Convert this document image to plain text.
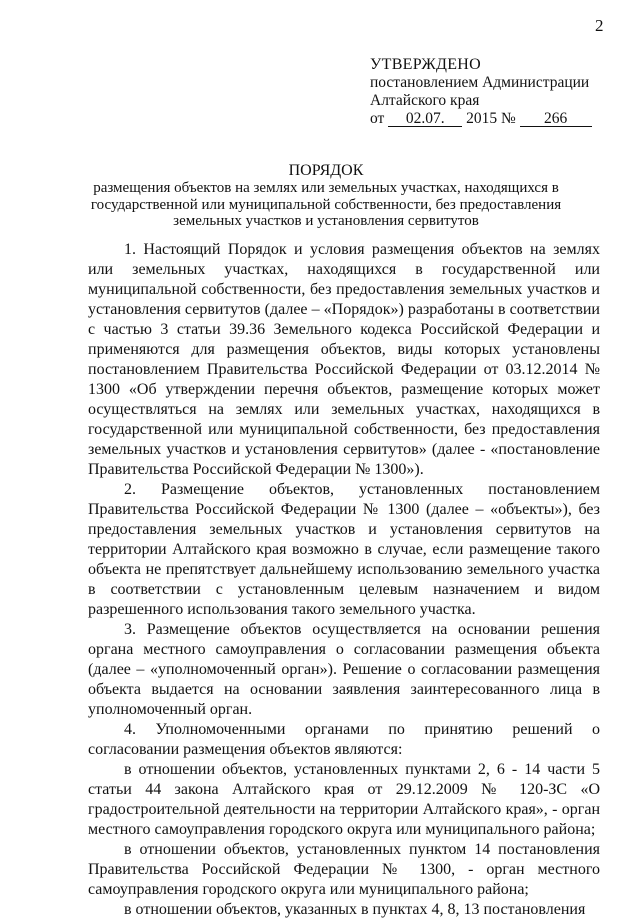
2
УТВЕРЖДЕНО
постановлением Администрации
Алтайского края
от 02.07. 2015 № 266
ПОРЯДОК
размещения объектов на землях или земельных участках, находящихся в государственной или муниципальной собственности, без предоставления земельных участков и установления сервитутов

1. Настоящий Порядок и условия размещения объектов на землях или земельных участках, находящихся в государственной или муниципальной собственности, без предоставления земельных участков и установления сервитутов (далее – «Порядок») разработаны в соответствии с частью 3 статьи 39.36 Земельного кодекса Российской Федерации и применяются для размещения объектов, виды которых установлены постановлением Правительства Российской Федерации от 03.12.2014 № 1300 «Об утверждении перечня объектов, размещение которых может осуществляться на землях или земельных участках, находящихся в государственной или муниципальной собственности, без предоставления земельных участков и установления сервитутов» (далее - «постановление Правительства Российской Федерации № 1300»).

2. Размещение объектов, установленных постановлением Правительства Российской Федерации № 1300 (далее – «объекты»), без предоставления земельных участков и установления сервитутов на территории Алтайского края возможно в случае, если размещение такого объекта не препятствует дальнейшему использованию земельного участка в соответствии с установленным целевым назначением и видом разрешенного использования такого земельного участка.

3. Размещение объектов осуществляется на основании решения органа местного самоуправления о согласовании размещения объекта (далее – «уполномоченный орган»). Решение о согласовании размещения объекта выдается на основании заявления заинтересованного лица в уполномоченный орган.

4. Уполномоченными органами по принятию решений о согласовании размещения объектов являются:

в отношении объектов, установленных пунктами 2, 6 - 14 части 5 статьи 44 закона Алтайского края от 29.12.2009 № 120-ЗС «О градостроительной деятельности на территории Алтайского края», - орган местного самоуправления городского округа или муниципального района;

в отношении объектов, установленных пунктом 14 постановления Правительства Российской Федерации № 1300, - орган местного самоуправления городского округа или муниципального района;

в отношении объектов, указанных в пунктах 4, 8, 13 постановления
